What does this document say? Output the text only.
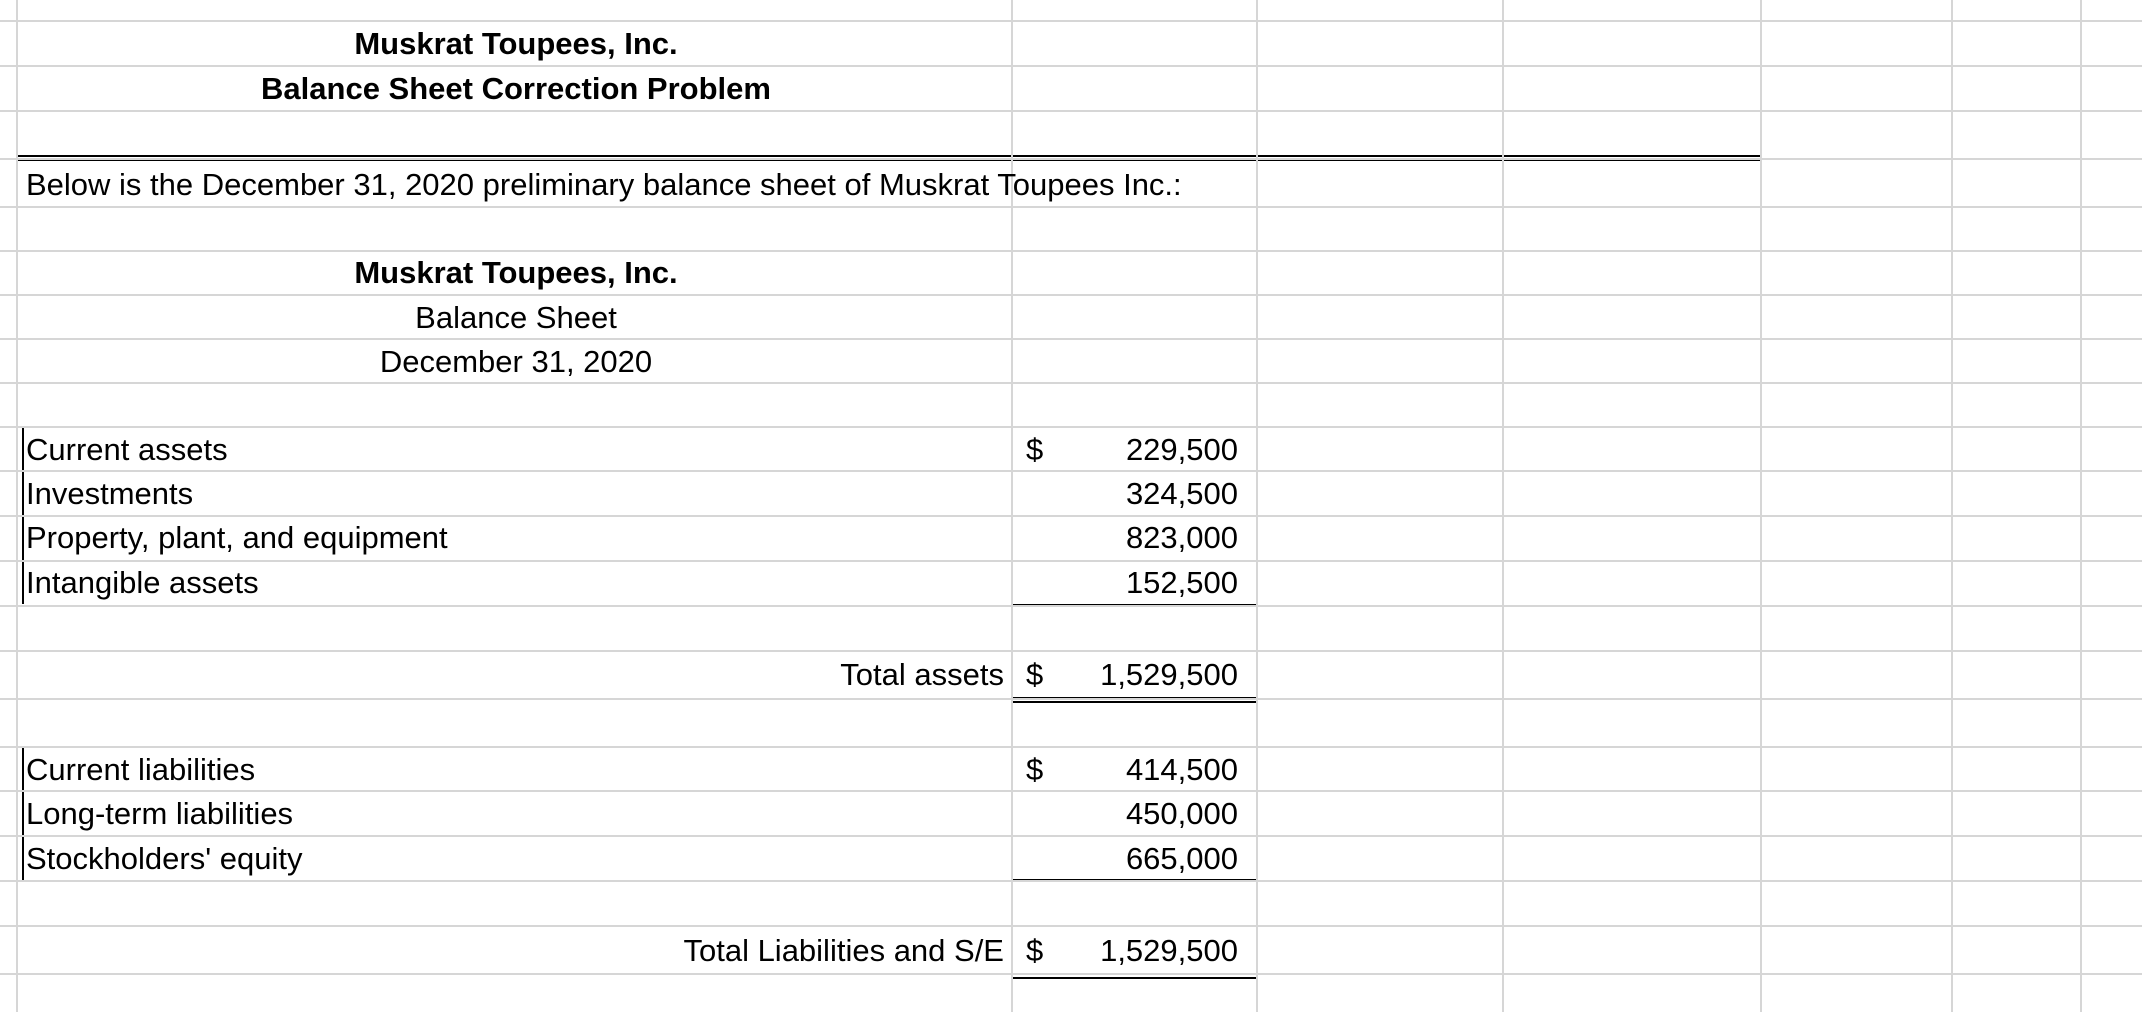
Muskrat Toupees, Inc.
Balance Sheet Correction Problem
Below is the December 31, 2020 preliminary balance sheet of Muskrat Toupees Inc.:
Muskrat Toupees, Inc.
Balance Sheet
December 31, 2020
Current assets	$	229,500
Investments	324,500
Property, plant, and equipment	823,000
Intangible assets	152,500
Total assets $ 1,529,500
Current liabilities	$	414,500
Long-term liabilities	450,000
Stockholders' equity	665,000
Total Liabilities and S/E $ 1,529,500
